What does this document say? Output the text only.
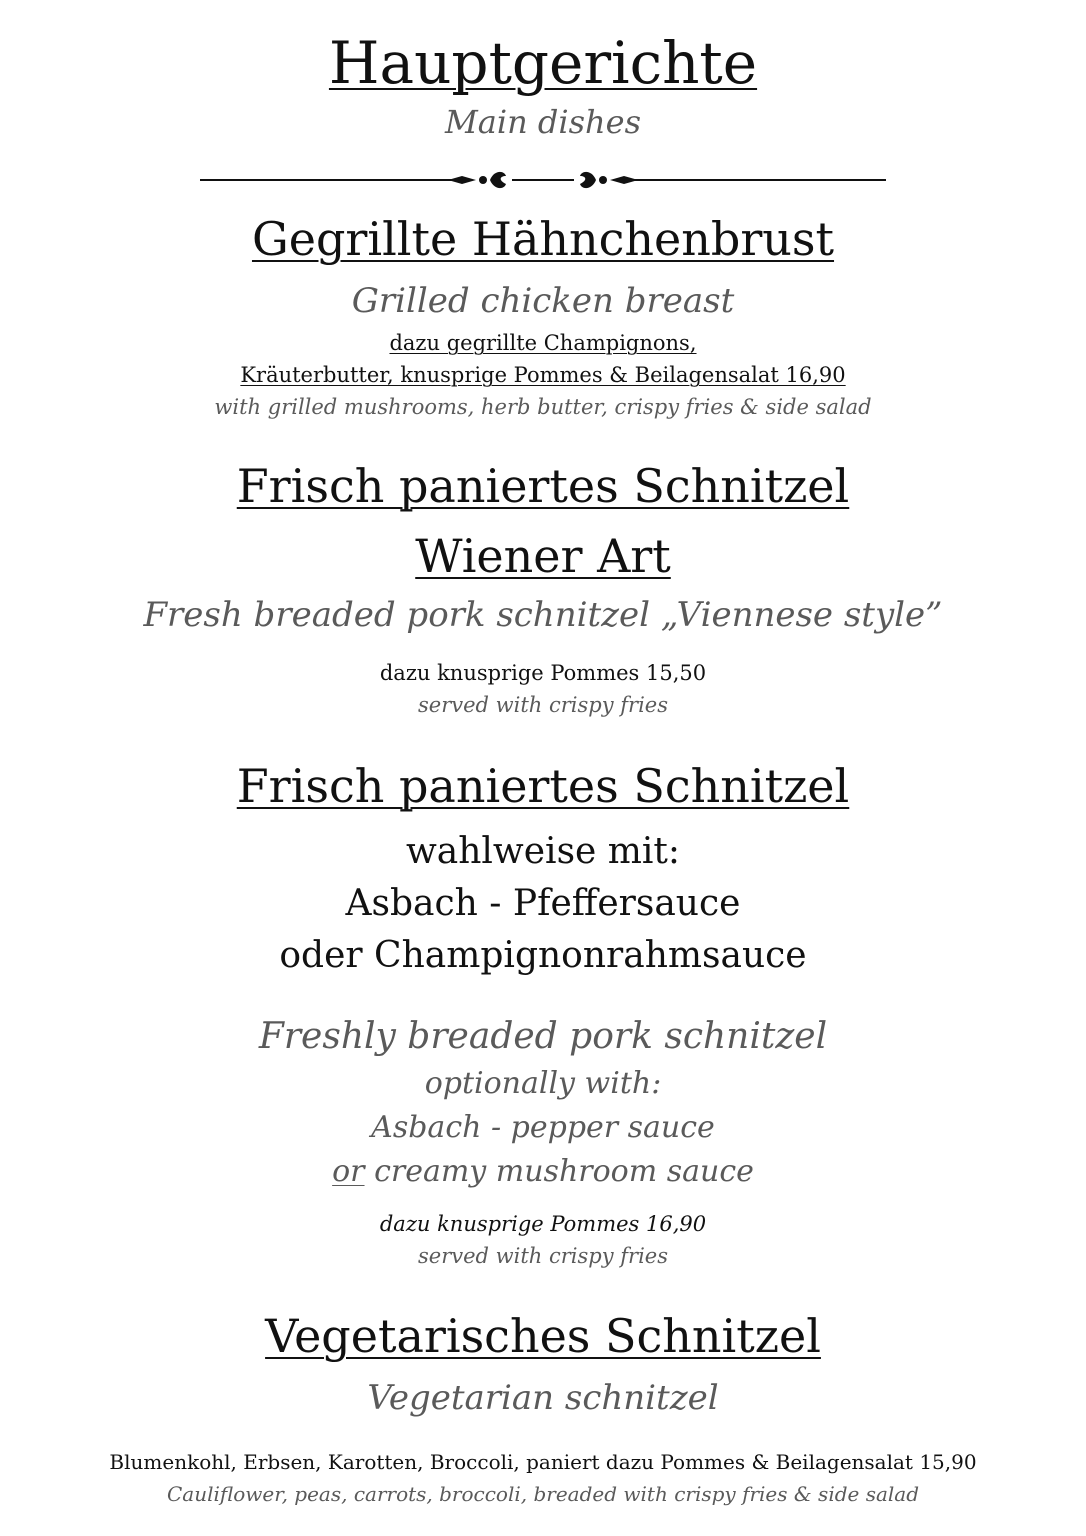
Hauptgerichte
Main dishes
Gegrillte Hähnchenbrust
Grilled chicken breast
dazu gegrillte Champignons,
Kräuterbutter, knusprige Pommes & Beilagensalat 16,90
with grilled mushrooms, herb butter, crispy fries & side salad
Frisch paniertes Schnitzel
Wiener Art
Fresh breaded pork schnitzel „Viennese style”
dazu knusprige Pommes 15,50
served with crispy fries
Frisch paniertes Schnitzel
wahlweise mit:
Asbach - Pfeffersauce
oder Champignonrahmsauce
Freshly breaded pork schnitzel
optionally with:
Asbach - pepper sauce
or creamy mushroom sauce
dazu knusprige Pommes 16,90
served with crispy fries
Vegetarisches Schnitzel
Vegetarian schnitzel
Blumenkohl, Erbsen, Karotten, Broccoli, paniert dazu Pommes & Beilagensalat 15,90
Cauliflower, peas, carrots, broccoli, breaded with crispy fries & side salad
